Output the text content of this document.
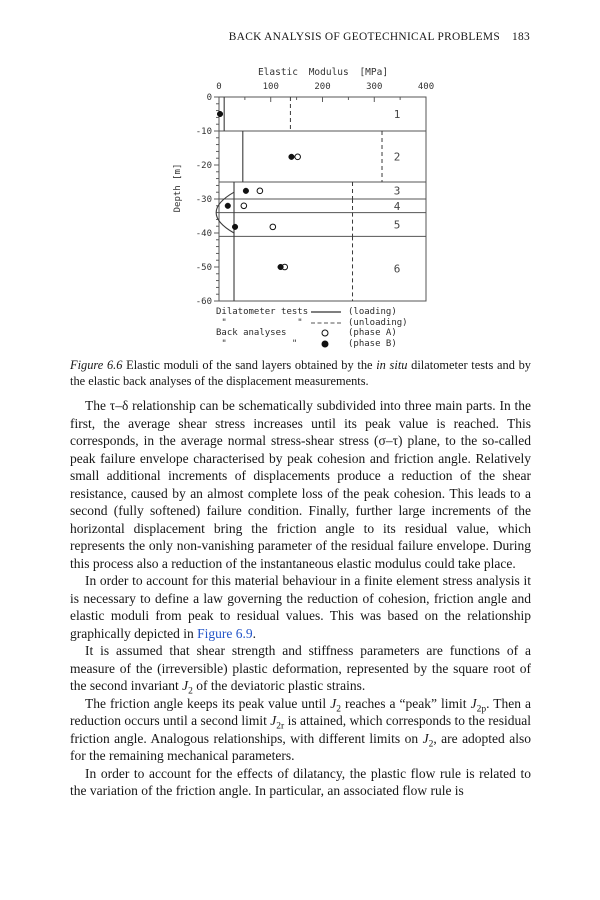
BACK ANALYSIS OF GEOTECHNICAL PROBLEMS 183
Elastic Modulus [MPa]
0	100	200	300	400
0
-10
-20
-30
-40
-50
-60
Depth [m]
1
2
3
4
5
6
Dilatometer tests	(loading)
"             "	(unloading)
Back analyses	(phase A)
"            "	(phase B)

Figure 6.6 Elastic moduli of the sand layers obtained by the in situ dilatometer tests and by the elastic back analyses of the displacement measurements.

The τ–δ relationship can be schematically subdivided into three main parts. In the first, the average shear stress increases until its peak value is reached. This corresponds, in the average normal stress-shear stress (σ–τ) plane, to the so-called peak failure envelope characterised by peak cohesion and friction angle. Relatively small additional increments of displacements produce a reduction of the shear resistance, caused by an almost complete loss of the peak cohesion. This leads to a second (fully softened) failure condition. Finally, further large increments of the horizontal displacement bring the friction angle to its residual value, which represents the only non-vanishing parameter of the residual failure envelope. During this process also a reduction of the instantaneous elastic modulus could take place.

In order to account for this material behaviour in a finite element stress analysis it is necessary to define a law governing the reduction of cohesion, friction angle and elastic moduli from peak to residual values. This was based on the relationship graphically depicted in Figure 6.9.

It is assumed that shear strength and stiffness parameters are functions of a measure of the (irreversible) plastic deformation, represented by the square root of the second invariant $J_2$ of the deviatoric plastic strains.

The friction angle keeps its peak value until $J_2$ reaches a “peak” limit $J_{2p}$. Then a reduction occurs until a second limit $J_{2r}$ is attained, which corresponds to the residual friction angle. Analogous relationships, with different limits on $J_2$, are adopted also for the remaining mechanical parameters.

In order to account for the effects of dilatancy, the plastic flow rule is related to the variation of the friction angle. In particular, an associated flow rule is
